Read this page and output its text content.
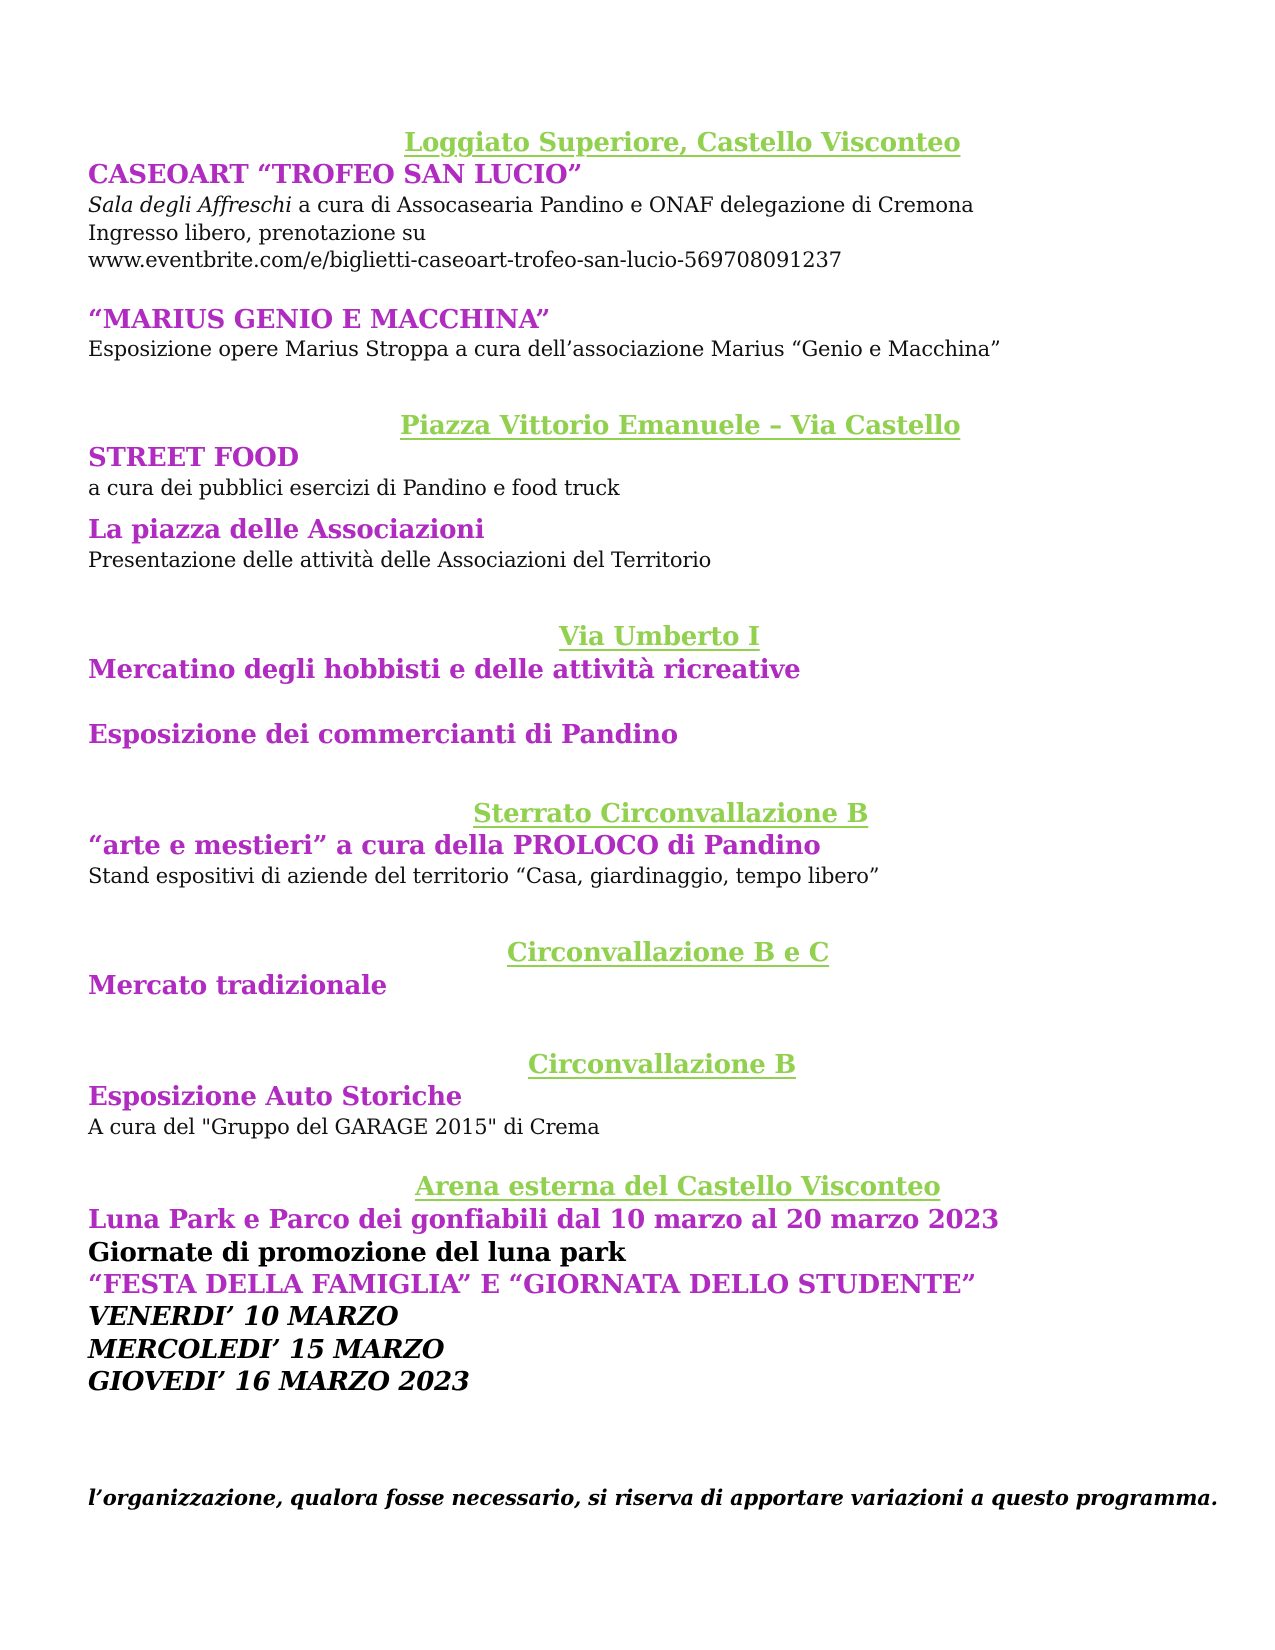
Loggiato Superiore, Castello Visconteo
CASEOART “TROFEO SAN LUCIO”
Sala degli Affreschi a cura di Assocasearia Pandino e ONAF delegazione di Cremona
Ingresso libero, prenotazione su
www.eventbrite.com/e/biglietti-caseoart-trofeo-san-lucio-569708091237
“MARIUS GENIO E MACCHINA”
Esposizione opere Marius Stroppa a cura dell’associazione Marius “Genio e Macchina”
Piazza Vittorio Emanuele – Via Castello
STREET FOOD
a cura dei pubblici esercizi di Pandino e food truck
La piazza delle Associazioni
Presentazione delle attività delle Associazioni del Territorio
Via Umberto I
Mercatino degli hobbisti e delle attività ricreative
Esposizione dei commercianti di Pandino
Sterrato Circonvallazione B
“arte e mestieri” a cura della PROLOCO di Pandino
Stand espositivi di aziende del territorio “Casa, giardinaggio, tempo libero”
Circonvallazione B e C
Mercato tradizionale
Circonvallazione B
Esposizione Auto Storiche
A cura del "Gruppo del GARAGE 2015" di Crema
Arena esterna del Castello Visconteo
Luna Park e Parco dei gonfiabili dal 10 marzo al 20 marzo 2023
Giornate di promozione del luna park
“FESTA DELLA FAMIGLIA” E “GIORNATA DELLO STUDENTE”
VENERDI’ 10 MARZO
MERCOLEDI’ 15 MARZO
GIOVEDI’ 16 MARZO 2023
l’organizzazione, qualora fosse necessario, si riserva di apportare variazioni a questo programma.
